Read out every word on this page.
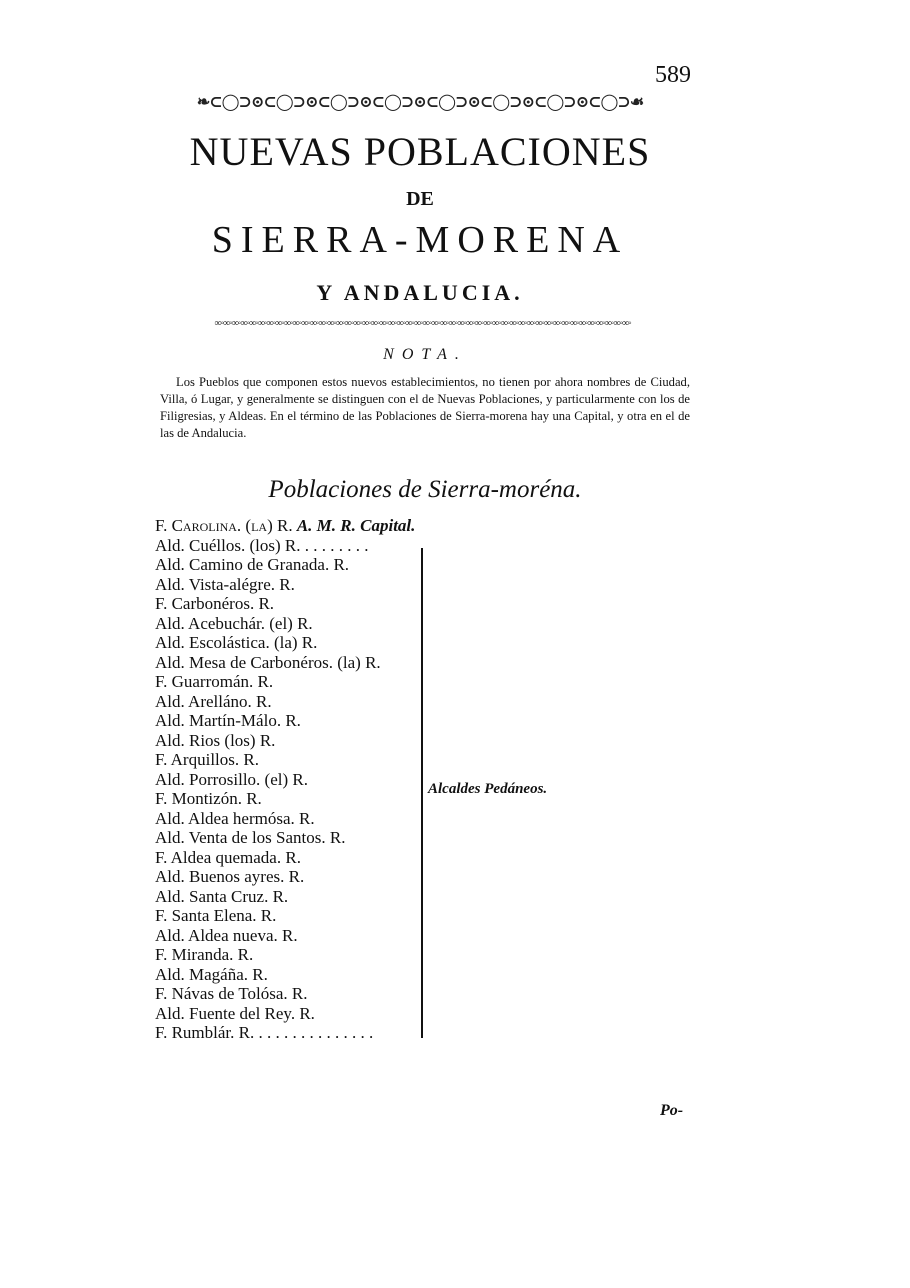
589
❧⊂◯⊃⊙⊂◯⊃⊙⊂◯⊃⊙⊂◯⊃⊙⊂◯⊃⊙⊂◯⊃⊙⊂◯⊃⊙⊂◯⊃☙
NUEVAS POBLACIONES
DE
SIERRA-MORENA
Y ANDALUCIA.
∞◦∞◦∞◦∞◦∞◦∞◦∞◦∞◦∞◦∞◦∞◦∞◦∞◦∞◦∞◦∞◦∞◦∞◦∞◦∞◦∞◦∞◦∞◦∞◦∞◦∞◦∞◦∞◦∞◦∞◦∞◦∞◦∞◦∞◦∞◦∞◦∞◦∞◦∞◦∞◦∞◦∞◦∞◦∞◦∞◦∞◦∞◦∞◦
NOTA.
Los Pueblos que componen estos nuevos establecimientos, no tienen por ahora nombres de Ciudad, Villa, ó Lugar, y generalmente se distinguen con el de Nuevas Poblaciones, y particularmente con los de Filigresias, y Aldeas. En el término de las Poblaciones de Sierra-morena hay una Capital, y otra en el de las de Andalucia.
Poblaciones de Sierra-moréna.
F. Carolina. (la) R. A. M. R. Capital.
Ald. Cuéllos. (los) R. . . . . . . . .
Ald. Camino de Granada. R.
Ald. Vista-alégre. R.
F. Carbonéros. R.
Ald. Acebuchár. (el) R.
Ald. Escolástica. (la) R.
Ald. Mesa de Carbonéros. (la) R.
F. Guarromán. R.
Ald. Arelláno. R.
Ald. Martín-Málo. R.
Ald. Rios (los) R.
F. Arquillos. R.
Ald. Porrosillo. (el) R.
F. Montizón. R.
Ald. Aldea hermósa. R.
Ald. Venta de los Santos. R.
F. Aldea quemada. R.
Ald. Buenos ayres. R.
Ald. Santa Cruz. R.
F. Santa Elena. R.
Ald. Aldea nueva. R.
F. Miranda. R.
Ald. Magáña. R.
F. Návas de Tolósa. R.
Ald. Fuente del Rey. R.
F. Rumblár. R. . . . . . . . . . . . . . .
Alcaldes Pedáneos.
Po-
